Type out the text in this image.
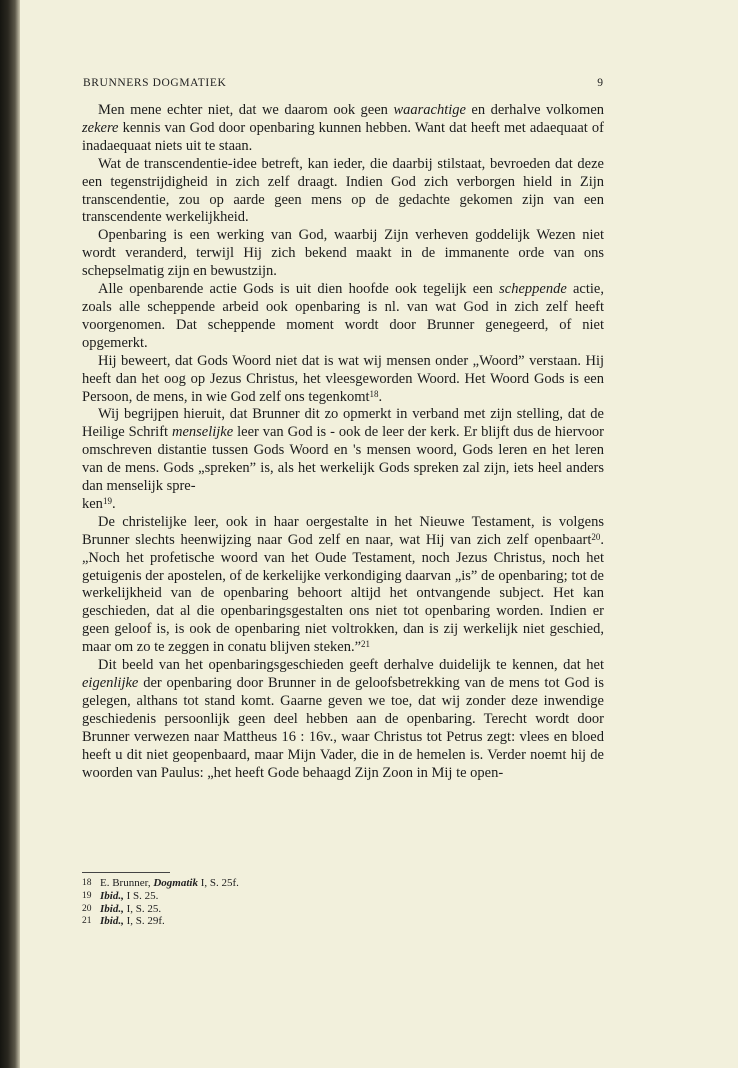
BRUNNERS DOGMATIEK	9

Men mene echter niet, dat we daarom ook geen waarachtige en derhalve volkomen zekere kennis van God door openbaring kunnen hebben. Want dat heeft met adaequaat of inadaequaat niets uit te staan.

Wat de transcendentie-idee betreft, kan ieder, die daarbij stilstaat, bevroeden dat deze een tegenstrijdigheid in zich zelf draagt. Indien God zich verborgen hield in Zijn transcendentie, zou op aarde geen mens op de gedachte gekomen zijn van een transcendente werkelijkheid.

Openbaring is een werking van God, waarbij Zijn verheven goddelijk Wezen niet wordt veranderd, terwijl Hij zich bekend maakt in de immanente orde van ons schepselmatig zijn en bewustzijn.

Alle openbarende actie Gods is uit dien hoofde ook tegelijk een scheppende actie, zoals alle scheppende arbeid ook openbaring is nl. van wat God in zich zelf heeft voorgenomen. Dat scheppende moment wordt door Brunner genegeerd, of niet opgemerkt.

Hij beweert, dat Gods Woord niet dat is wat wij mensen onder „Woord” verstaan. Hij heeft dan het oog op Jezus Christus, het vleesgeworden Woord. Het Woord Gods is een Persoon, de mens, in wie God zelf ons tegenkomt$^{18}$.

Wij begrijpen hieruit, dat Brunner dit zo opmerkt in verband met zijn stelling, dat de Heilige Schrift menselijke leer van God is - ook de leer der kerk. Er blijft dus de hiervoor omschreven distantie tussen Gods Woord en 's mensen woord, Gods leren en het leren van de mens. Gods „spreken” is, als het werkelijk Gods spreken zal zijn, iets heel anders dan menselijk spre-
ken$^{19}$.

De christelijke leer, ook in haar oergestalte in het Nieuwe Testament, is volgens Brunner slechts heenwijzing naar God zelf en naar, wat Hij van zich zelf openbaart$^{20}$. „Noch het profetische woord van het Oude Testament, noch Jezus Christus, noch het getuigenis der apostelen, of de kerkelijke verkondiging daarvan „is” de openbaring; tot de werkelijkheid van de openbaring behoort altijd het ontvangende subject. Het kan geschieden, dat al die openbaringsgestalten ons niet tot openbaring worden. Indien er geen geloof is, is ook de openbaring niet voltrokken, dan is zij werkelijk niet geschied, maar om zo te zeggen in conatu blijven steken.”$^{21}$

Dit beeld van het openbaringsgeschieden geeft derhalve duidelijk te kennen, dat het eigenlijke der openbaring door Brunner in de geloofsbetrekking van de mens tot God is gelegen, althans tot stand komt. Gaarne geven we toe, dat wij zonder deze inwendige geschiedenis persoonlijk geen deel hebben aan de openbaring. Terecht wordt door Brunner verwezen naar Mattheus 16 : 16v., waar Christus tot Petrus zegt: vlees en bloed heeft u dit niet geopenbaard, maar Mijn Vader, die in de hemelen is. Verder noemt hij de woorden van Paulus: „het heeft Gode behaagd Zijn Zoon in Mij te open-

18 E. Brunner, Dogmatik I, S. 25f.
19 Ibid., I S. 25.
20 Ibid., I, S. 25.
21 Ibid., I, S. 29f.
